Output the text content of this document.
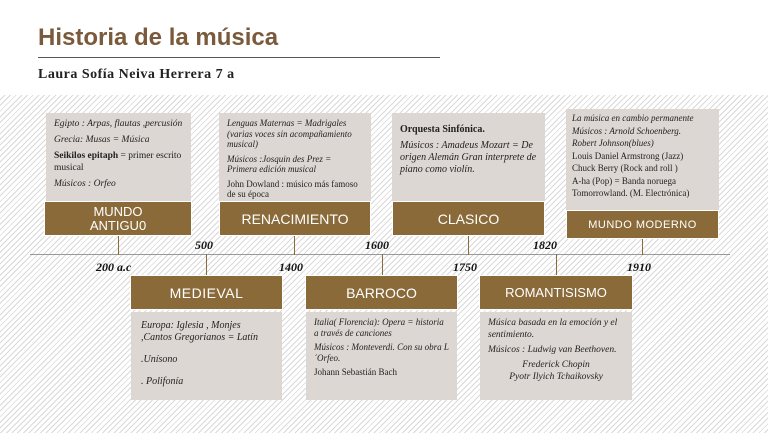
Historia de la música
Laura Sofía Neiva Herrera 7 a

Egipto : Arpas, flautas ,percusión

Grecia: Musas = Música

Seikilos epitaph = primer escrito musical

Músicos : Orfeo

MUNDO ANTIGU0

Lenguas Maternas = Madrigales (varias voces sin acompañamiento musical)

Músicos :Josquin des Prez = Primera edición musical

John Dowland : músico más famoso de su época

RENACIMIENTO

Orquesta Sinfónica.

Músicos : Amadeus Mozart = De origen Alemán Gran interprete de piano como violín.

CLASICO

La música en cambio permanente

Músicos : Arnold Schoenberg.

Robert Johnson(blues)

Louis Daniel Armstrong (Jazz)

Chuck Berry (Rock and roll )

A-ha (Pop) = Banda noruega

Tomorrowland. (M. Electrónica)

MUNDO MODERNO
200 a.c
500
1400
1600
1750
1820
1910
MEDIEVAL

Europa: Iglesia , Monjes

,Cantos Gregorianos = Latín

.Unísono

. Polifonía

BARROCO

Italia( Florencia): Opera = historia a través de canciones

Músicos : Monteverdi. Con su obra L´Orfeo.

Johann Sebastián Bach

ROMANTISISMO

Música basada en la emoción y el sentimiento.

Músicos : Ludwig van Beethoven.

Frederick Chopin

Pyotr Ilyich Tchaikovsky
